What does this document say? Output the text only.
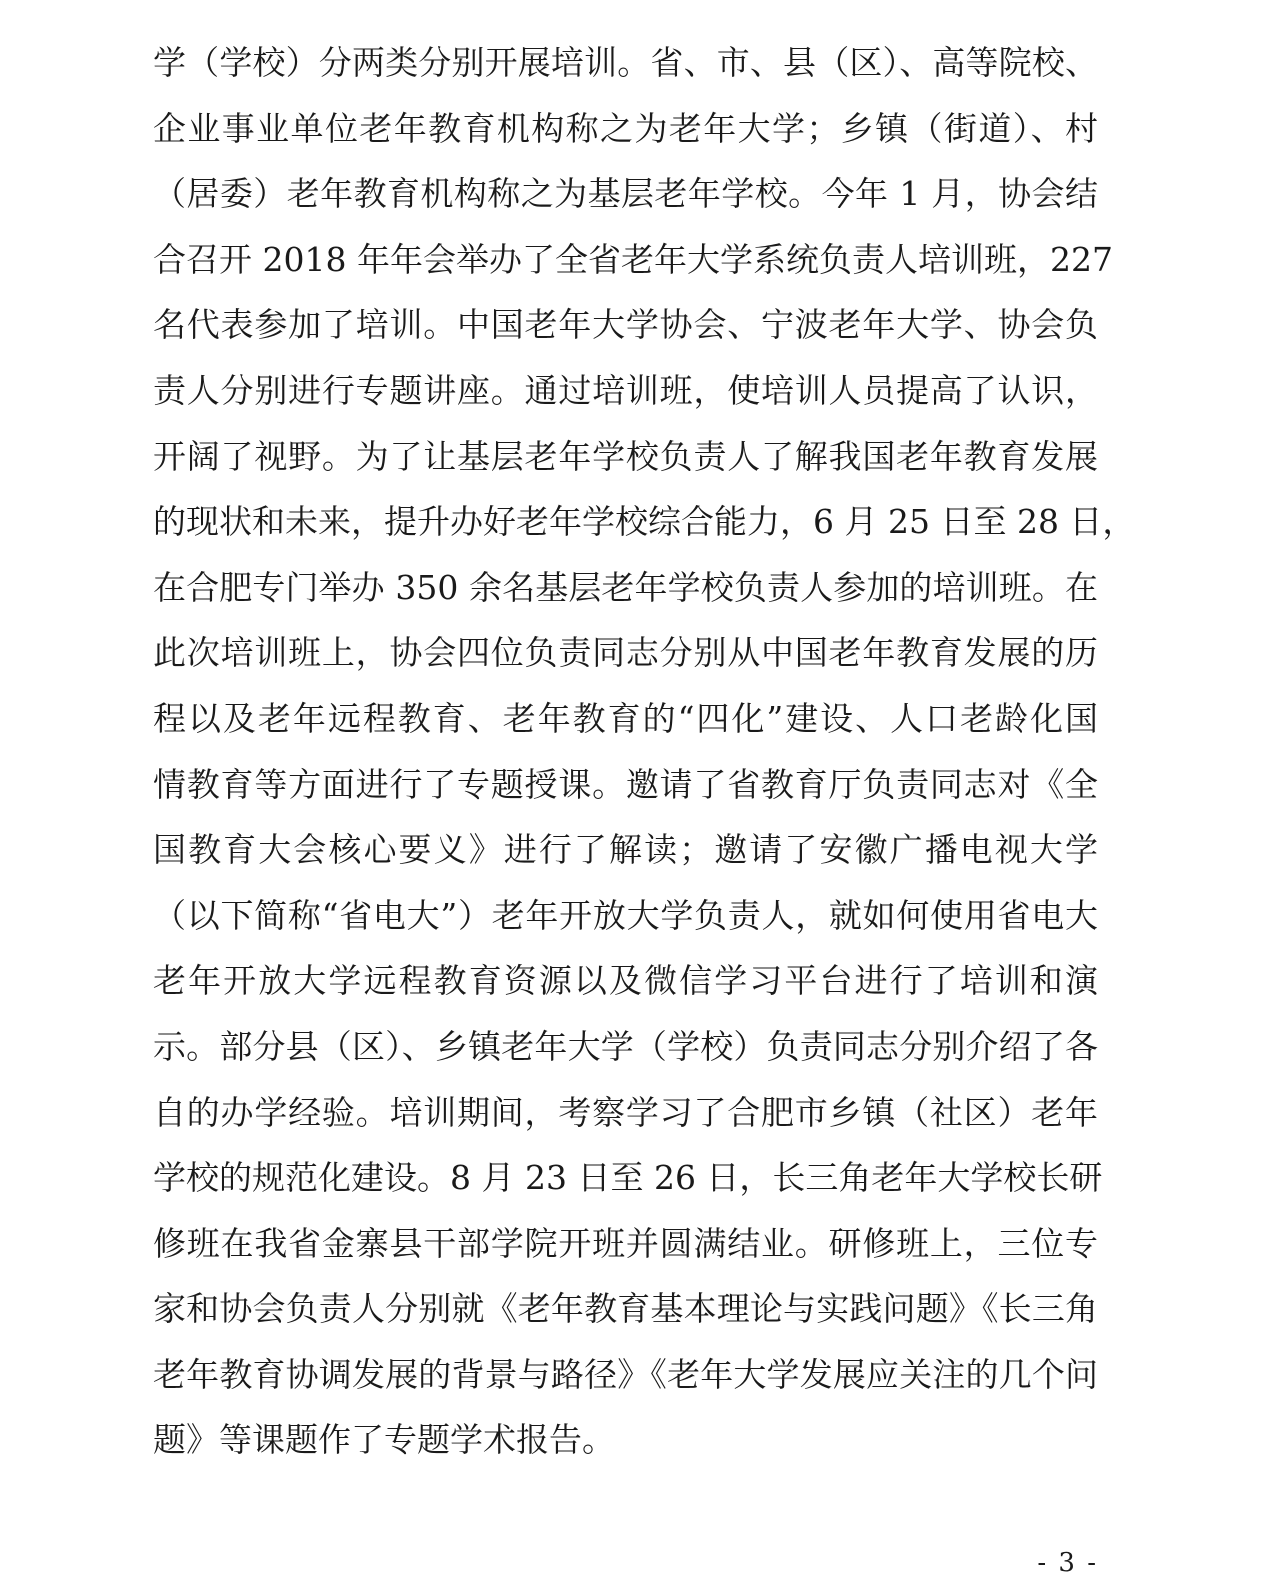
学（学校）分两类分别开展培训。省、市、县（区）、高等院校、
企业事业单位老年教育机构称之为老年大学；乡镇（街道）、村
（居委）老年教育机构称之为基层老年学校。今年 1 月，协会结
合召开 2018 年年会举办了全省老年大学系统负责人培训班，227
名代表参加了培训。中国老年大学协会、宁波老年大学、协会负
责人分别进行专题讲座。通过培训班，使培训人员提高了认识，
开阔了视野。为了让基层老年学校负责人了解我国老年教育发展
的现状和未来，提升办好老年学校综合能力，6 月 25 日至 28 日，
在合肥专门举办 350 余名基层老年学校负责人参加的培训班。在
此次培训班上，协会四位负责同志分别从中国老年教育发展的历
程以及老年远程教育、老年教育的“四化”建设、人口老龄化国
情教育等方面进行了专题授课。邀请了省教育厅负责同志对《全
国教育大会核心要义》进行了解读；邀请了安徽广播电视大学
（以下简称“省电大”）老年开放大学负责人，就如何使用省电大
老年开放大学远程教育资源以及微信学习平台进行了培训和演
示。部分县（区）、乡镇老年大学（学校）负责同志分别介绍了各
自的办学经验。培训期间，考察学习了合肥市乡镇（社区）老年
学校的规范化建设。8 月 23 日至 26 日，长三角老年大学校长研
修班在我省金寨县干部学院开班并圆满结业。研修班上，三位专
家和协会负责人分别就《老年教育基本理论与实践问题》《长三角
老年教育协调发展的背景与路径》《老年大学发展应关注的几个问
题》等课题作了专题学术报告。
- 3 -
